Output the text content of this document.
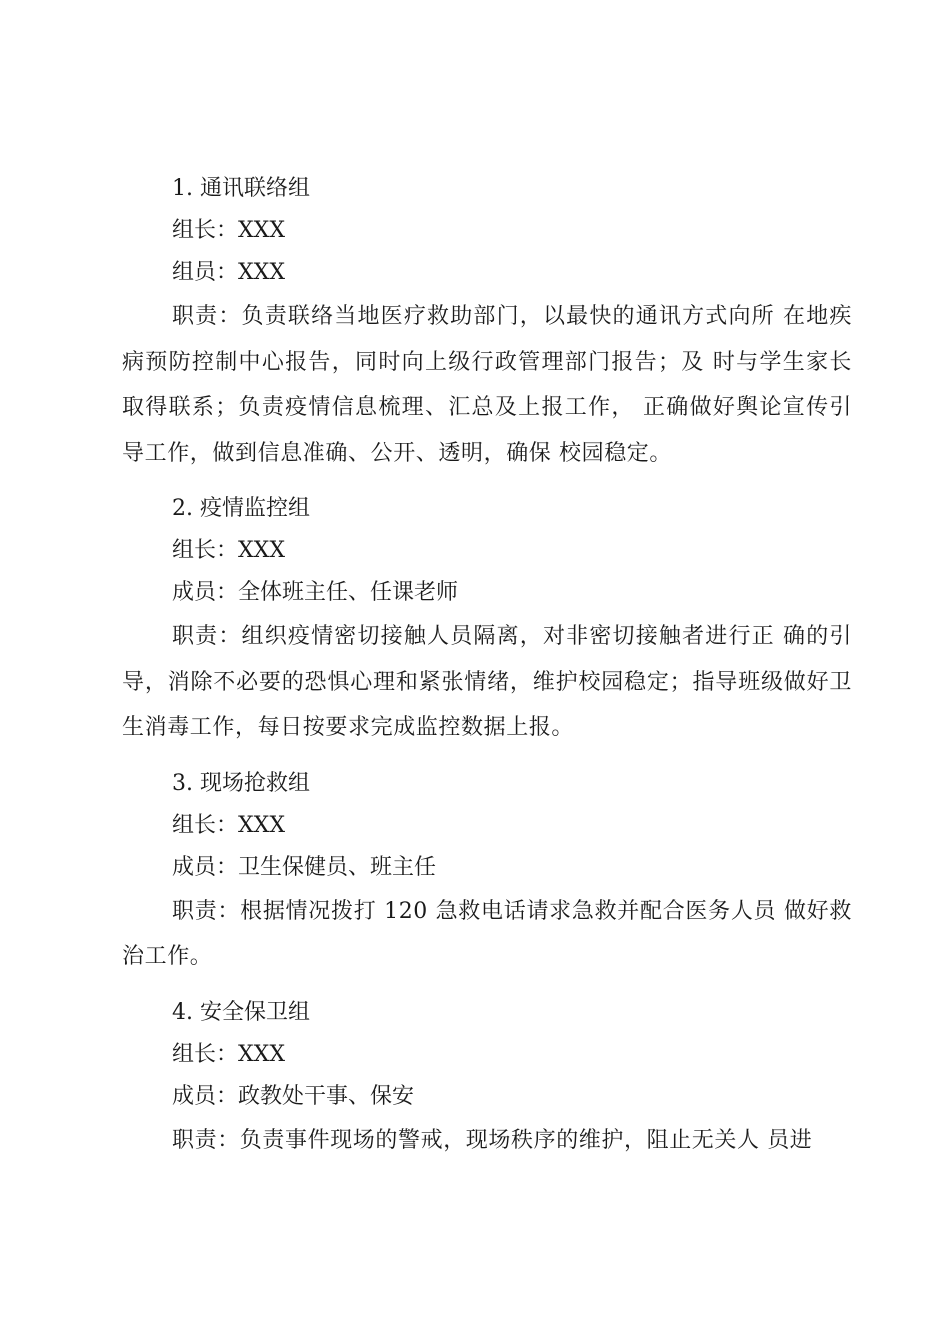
1. 通讯联络组
组长：XXX
组员：XXX

职责：负责联络当地医疗救助部门，以最快的通讯方式向所 在地疾病预防控制中心报告，同时向上级行政管理部门报告；及 时与学生家长取得联系；负责疫情信息梳理、汇总及上报工作， 正确做好舆论宣传引导工作，做到信息准确、公开、透明，确保 校园稳定。

2. 疫情监控组
组长：XXX
成员：全体班主任、任课老师

职责：组织疫情密切接触人员隔离，对非密切接触者进行正 确的引导，消除不必要的恐惧心理和紧张情绪，维护校园稳定；指导班级做好卫生消毒工作，每日按要求完成监控数据上报。

3. 现场抢救组
组长：XXX
成员：卫生保健员、班主任

职责：根据情况拨打 120 急救电话请求急救并配合医务人员 做好救治工作。

4. 安全保卫组
组长：XXX
成员：政教处干事、保安

职责：负责事件现场的警戒，现场秩序的维护，阻止无关人 员进
